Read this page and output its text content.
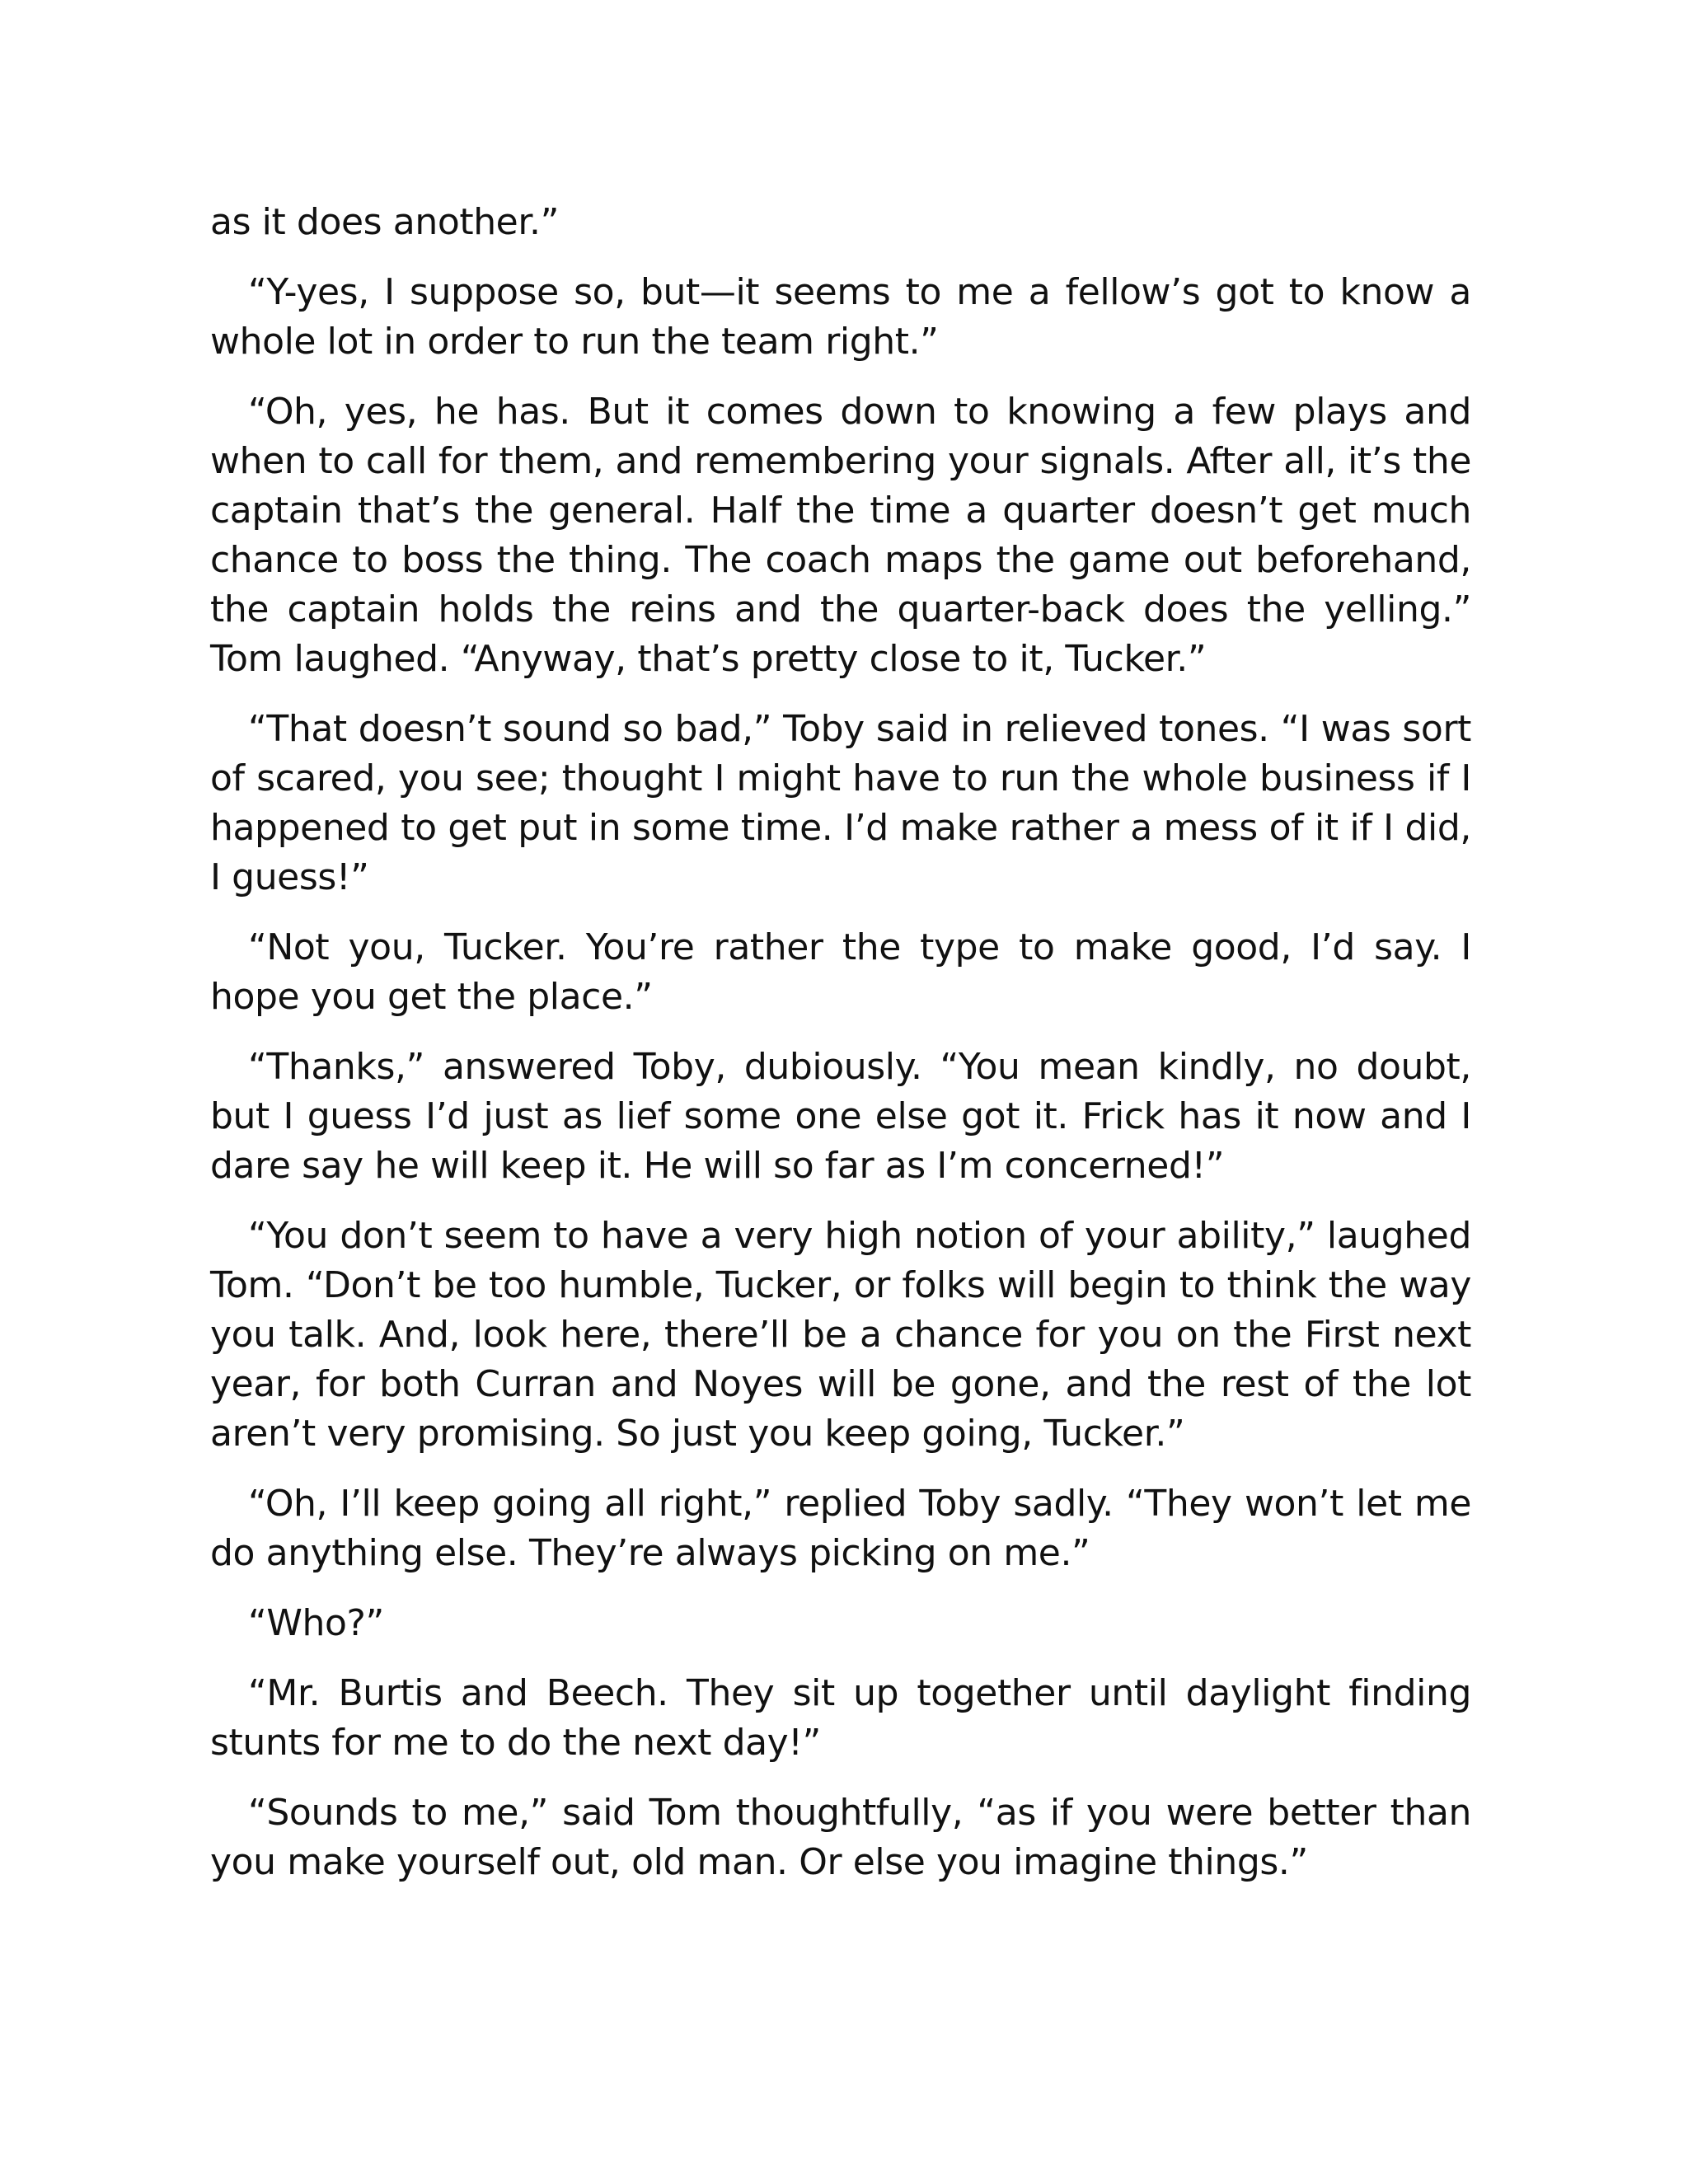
as it does another.”

“Y-yes, I suppose so, but—it seems to me a fellow’s got to know a whole lot in order to run the team right.”

“Oh, yes, he has. But it comes down to knowing a few plays and when to call for them, and remembering your signals. After all, it’s the captain that’s the general. Half the time a quarter doesn’t get much chance to boss the thing. The coach maps the game out beforehand, the captain holds the reins and the quarter-back does the yelling.” Tom laughed. “Anyway, that’s pretty close to it, Tucker.”

“That doesn’t sound so bad,” Toby said in relieved tones. “I was sort of scared, you see; thought I might have to run the whole business if I happened to get put in some time. I’d make rather a mess of it if I did, I guess!”

“Not you, Tucker. You’re rather the type to make good, I’d say. I hope you get the place.”

“Thanks,” answered Toby, dubiously. “You mean kindly, no doubt, but I guess I’d just as lief some one else got it. Frick has it now and I dare say he will keep it. He will so far as I’m concerned!”

“You don’t seem to have a very high notion of your ability,” laughed Tom. “Don’t be too humble, Tucker, or folks will begin to think the way you talk. And, look here, there’ll be a chance for you on the First next year, for both Curran and Noyes will be gone, and the rest of the lot aren’t very promising. So just you keep going, Tucker.”

“Oh, I’ll keep going all right,” replied Toby sadly. “They won’t let me do anything else. They’re always picking on me.”

“Who?”

“Mr. Burtis and Beech. They sit up together until daylight finding stunts for me to do the next day!”

“Sounds to me,” said Tom thoughtfully, “as if you were better than you make yourself out, old man. Or else you imagine things.”
